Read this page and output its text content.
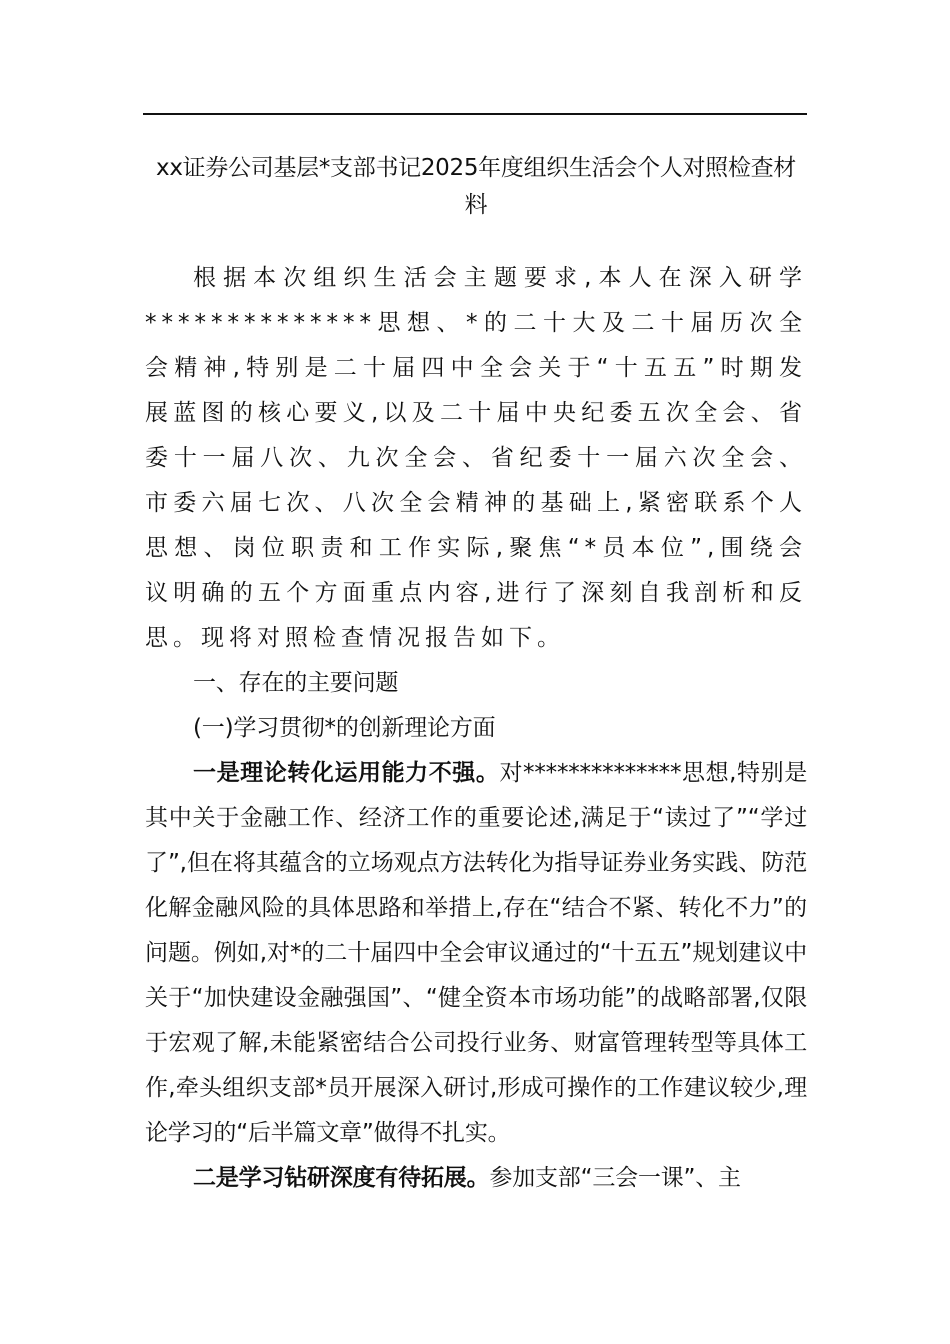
xx证券公司基层*支部书记2025年度组织生活会个人对照检查材料

根据本次组织生活会主题要求,本人在深入研学**************思想、*的二十大及二十届历次全会精神,特别是二十届四中全会关于“十五五”时期发展蓝图的核心要义,以及二十届中央纪委五次全会、省委十一届八次、九次全会、省纪委十一届六次全会、市委六届七次、八次全会精神的基础上,紧密联系个人思想、岗位职责和工作实际,聚焦“*员本位”,围绕会议明确的五个方面重点内容,进行了深刻自我剖析和反思。现将对照检查情况报告如下。

一、存在的主要问题

(一)学习贯彻*的创新理论方面

一是理论转化运用能力不强。对**************思想,特别是其中关于金融工作、经济工作的重要论述,满足于“读过了”“学过了”,但在将其蕴含的立场观点方法转化为指导证券业务实践、防范化解金融风险的具体思路和举措上,存在“结合不紧、转化不力”的问题。例如,对*的二十届四中全会审议通过的“十五五”规划建议中关于“加快建设金融强国”、“健全资本市场功能”的战略部署,仅限于宏观了解,未能紧密结合公司投行业务、财富管理转型等具体工作,牵头组织支部*员开展深入研讨,形成可操作的工作建议较少,理论学习的“后半篇文章”做得不扎实。

二是学习钻研深度有待拓展。参加支部“三会一课”、主
